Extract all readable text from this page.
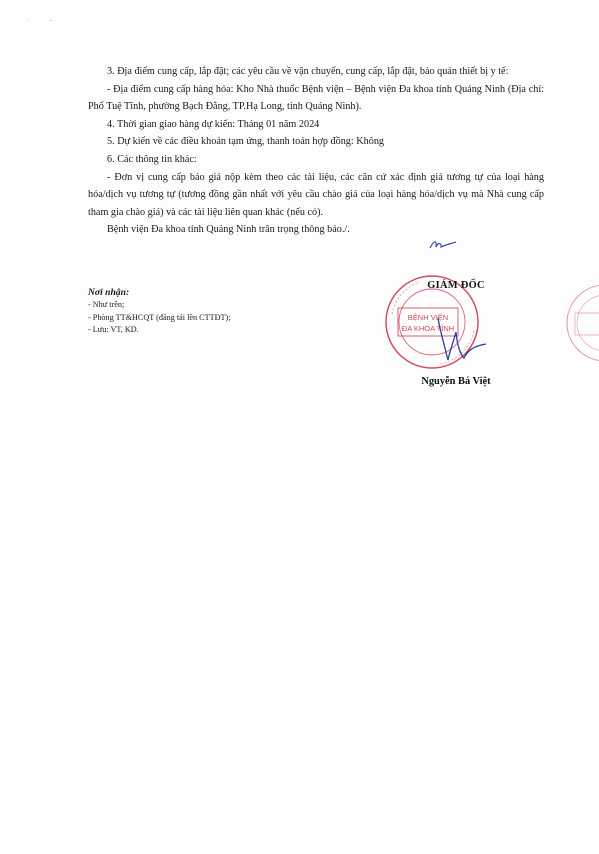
·	-

3. Địa điểm cung cấp, lắp đặt; các yêu cầu về vận chuyển, cung cấp, lắp đặt, bảo quản thiết bị y tế:

- Địa điểm cung cấp hàng hóa: Kho Nhà thuốc Bệnh viện – Bệnh viện Đa khoa tỉnh Quảng Ninh (Địa chỉ: Phố Tuệ Tĩnh, phường Bạch Đằng, TP.Hạ Long, tỉnh Quảng Ninh).

4. Thời gian giao hàng dự kiến: Tháng 01 năm 2024

5. Dự kiến về các điều khoản tạm ứng, thanh toán hợp đồng: Không

6. Các thông tin khác:

- Đơn vị cung cấp báo giá nộp kèm theo các tài liệu, các căn cứ xác định giá tương tự của loại hàng hóa/dịch vụ tương tự (tương đồng gần nhất với yêu cầu chào giá của loại hàng hóa/dịch vụ mà Nhà cung cấp tham gia chào giá) và các tài liệu liên quan khác (nếu có).

Bệnh viện Đa khoa tỉnh Quảng Ninh trân trọng thông báo./.

Nơi nhận:

- Như trên;

- Phòng TT&HCQT (đăng tải lên CTTĐT);

- Lưu: VT, KD.

BỆNH VIỆN
ĐA KHOA TỈNH
GIÁM ĐỐC
Nguyễn Bá Việt
